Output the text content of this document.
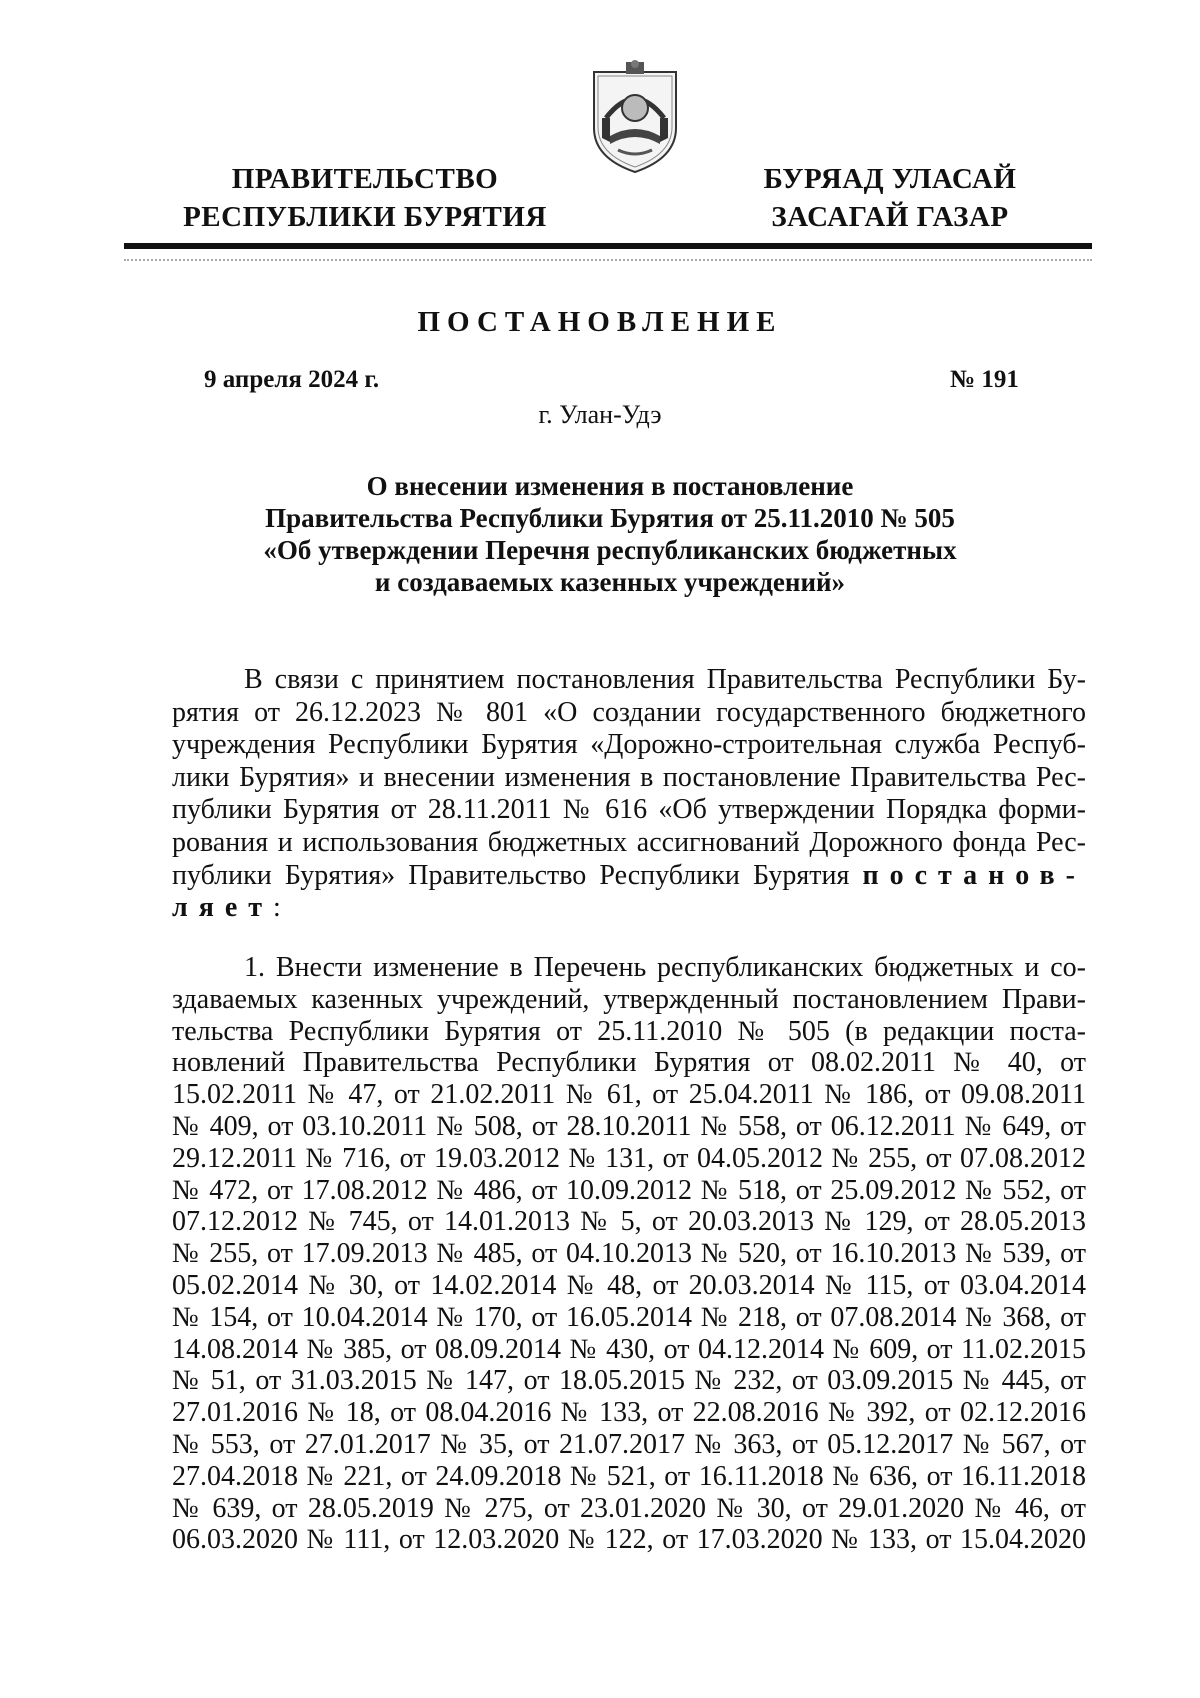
ПРАВИТЕЛЬСТВО
РЕСПУБЛИКИ БУРЯТИЯ
БУРЯАД УЛАСАЙ
ЗАСАГАЙ ГАЗАР
ПОСТАНОВЛЕНИЕ
9 апреля 2024 г.	№ 191
г. Улан-Удэ
О внесении изменения в постановление
Правительства Республики Бурятия от 25.11.2010 № 505
«Об утверждении Перечня республиканских бюджетных
и создаваемых казенных учреждений»
В связи с принятием постановления Правительства Республики Бу-
рятия от 26.12.2023 № 801 «О создании государственного бюджетного
учреждения Республики Бурятия «Дорожно-строительная служба Респуб-
лики Бурятия» и внесении изменения в постановление Правительства Рес-
публики Бурятия от 28.11.2011 № 616 «Об утверждении Порядка форми-
рования и использования бюджетных ассигнований Дорожного фонда Рес-
публики Бурятия» Правительство Республики Бурятия постанов-
ляет:
1. Внести изменение в Перечень республиканских бюджетных и со-
здаваемых казенных учреждений, утвержденный постановлением Прави-
тельства Республики Бурятия от 25.11.2010 № 505 (в редакции поста-
новлений Правительства Республики Бурятия от 08.02.2011 № 40, от
15.02.2011 № 47, от 21.02.2011 № 61, от 25.04.2011 № 186, от 09.08.2011
№ 409, от 03.10.2011 № 508, от 28.10.2011 № 558, от 06.12.2011 № 649, от
29.12.2011 № 716, от 19.03.2012 № 131, от 04.05.2012 № 255, от 07.08.2012
№ 472, от 17.08.2012 № 486, от 10.09.2012 № 518, от 25.09.2012 № 552, от
07.12.2012 № 745, от 14.01.2013 № 5, от 20.03.2013 № 129, от 28.05.2013
№ 255, от 17.09.2013 № 485, от 04.10.2013 № 520, от 16.10.2013 № 539, от
05.02.2014 № 30, от 14.02.2014 № 48, от 20.03.2014 № 115, от 03.04.2014
№ 154, от 10.04.2014 № 170, от 16.05.2014 № 218, от 07.08.2014 № 368, от
14.08.2014 № 385, от 08.09.2014 № 430, от 04.12.2014 № 609, от 11.02.2015
№ 51, от 31.03.2015 № 147, от 18.05.2015 № 232, от 03.09.2015 № 445, от
27.01.2016 № 18, от 08.04.2016 № 133, от 22.08.2016 № 392, от 02.12.2016
№ 553, от 27.01.2017 № 35, от 21.07.2017 № 363, от 05.12.2017 № 567, от
27.04.2018 № 221, от 24.09.2018 № 521, от 16.11.2018 № 636, от 16.11.2018
№ 639, от 28.05.2019 № 275, от 23.01.2020 № 30, от 29.01.2020 № 46, от
06.03.2020 № 111, от 12.03.2020 № 122, от 17.03.2020 № 133, от 15.04.2020
